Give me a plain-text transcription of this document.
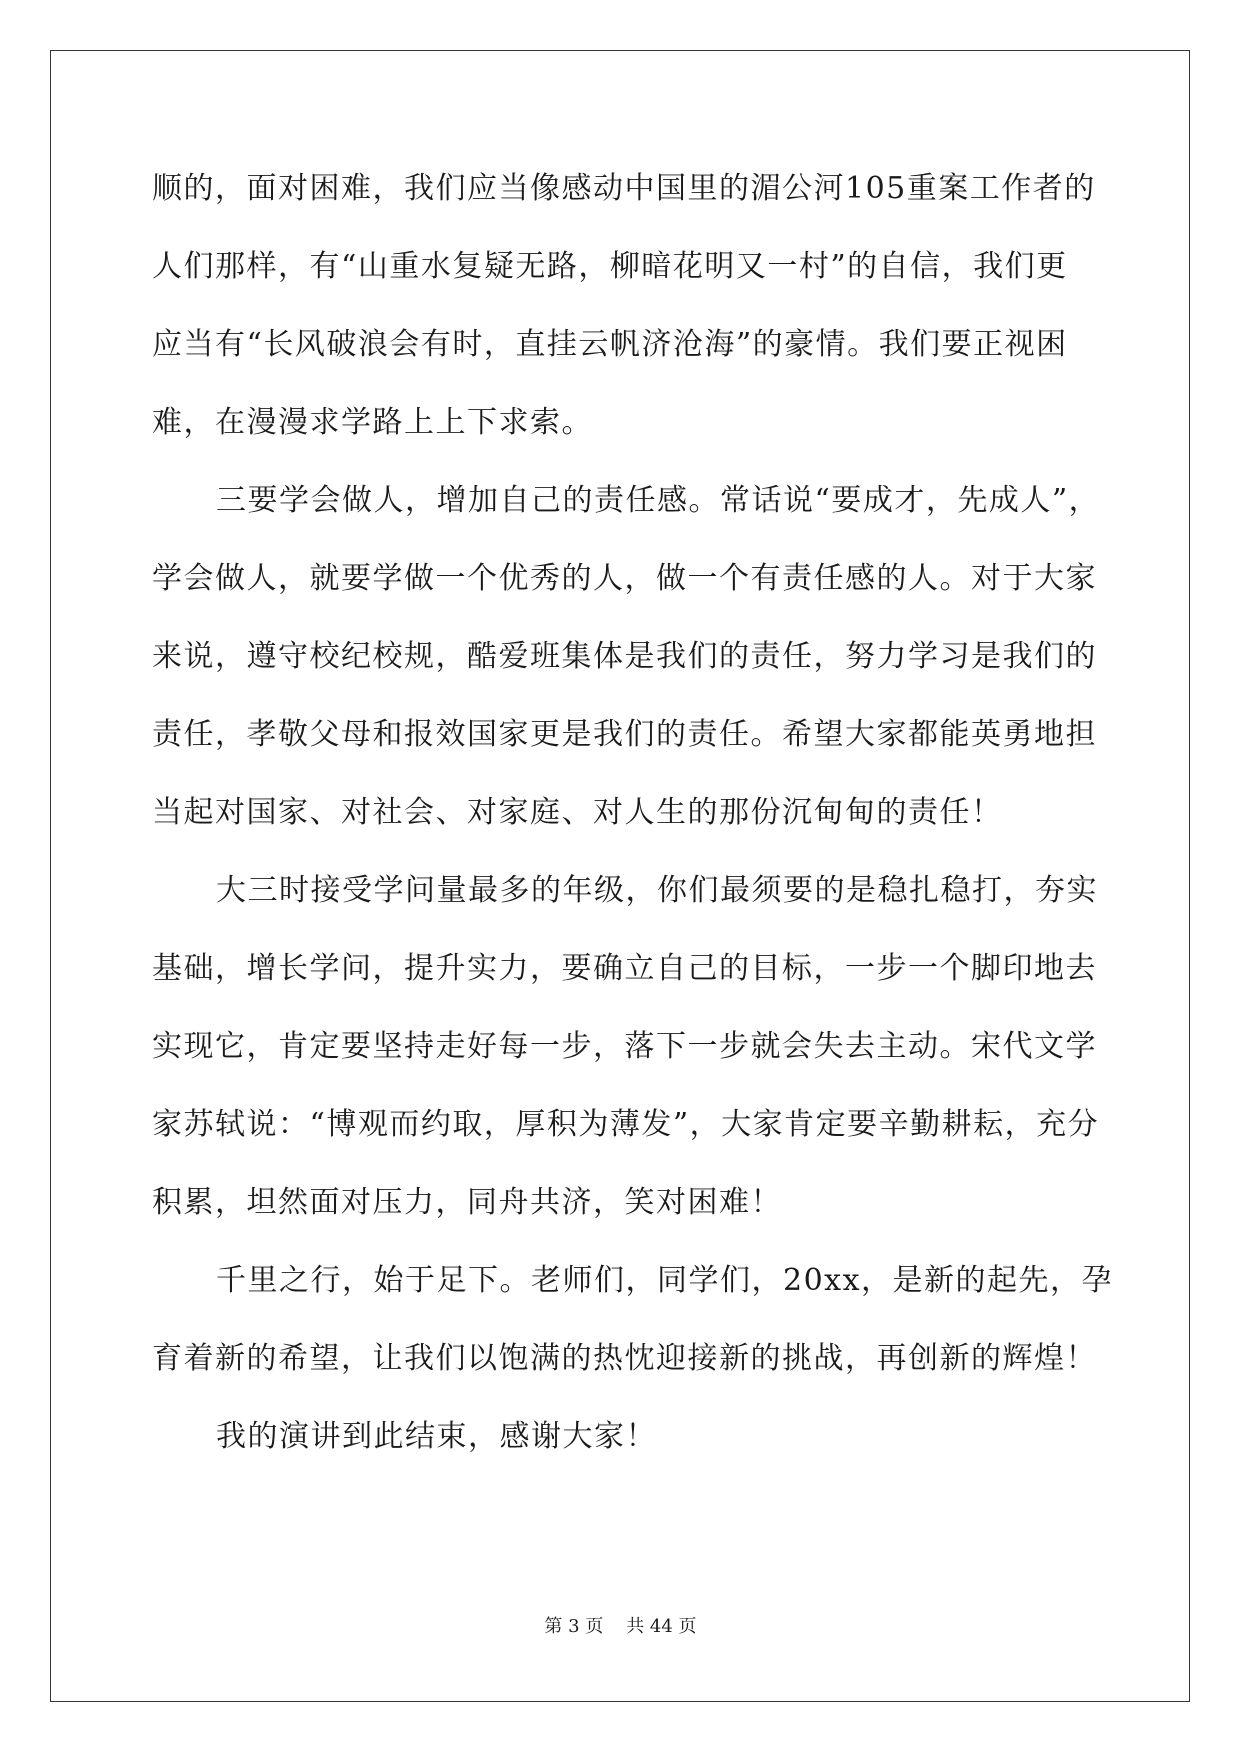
顺的，面对困难，我们应当像感动中国里的湄公河105重案工作者的
人们那样，有“山重水复疑无路，柳暗花明又一村”的自信，我们更
应当有“长风破浪会有时，直挂云帆济沧海”的豪情。我们要正视困
难，在漫漫求学路上上下求索。
三要学会做人，增加自己的责任感。常话说“要成才，先成人”，
学会做人，就要学做一个优秀的人，做一个有责任感的人。对于大家
来说，遵守校纪校规，酷爱班集体是我们的责任，努力学习是我们的
责任，孝敬父母和报效国家更是我们的责任。希望大家都能英勇地担
当起对国家、对社会、对家庭、对人生的那份沉甸甸的责任！
大三时接受学问量最多的年级，你们最须要的是稳扎稳打，夯实
基础，增长学问，提升实力，要确立自己的目标，一步一个脚印地去
实现它，肯定要坚持走好每一步，落下一步就会失去主动。宋代文学
家苏轼说：“博观而约取，厚积为薄发”，大家肯定要辛勤耕耘，充分
积累，坦然面对压力，同舟共济，笑对困难！
千里之行，始于足下。老师们，同学们，20xx，是新的起先，孕
育着新的希望，让我们以饱满的热忱迎接新的挑战，再创新的辉煌！
我的演讲到此结束，感谢大家！
第 3 页    共 44 页
